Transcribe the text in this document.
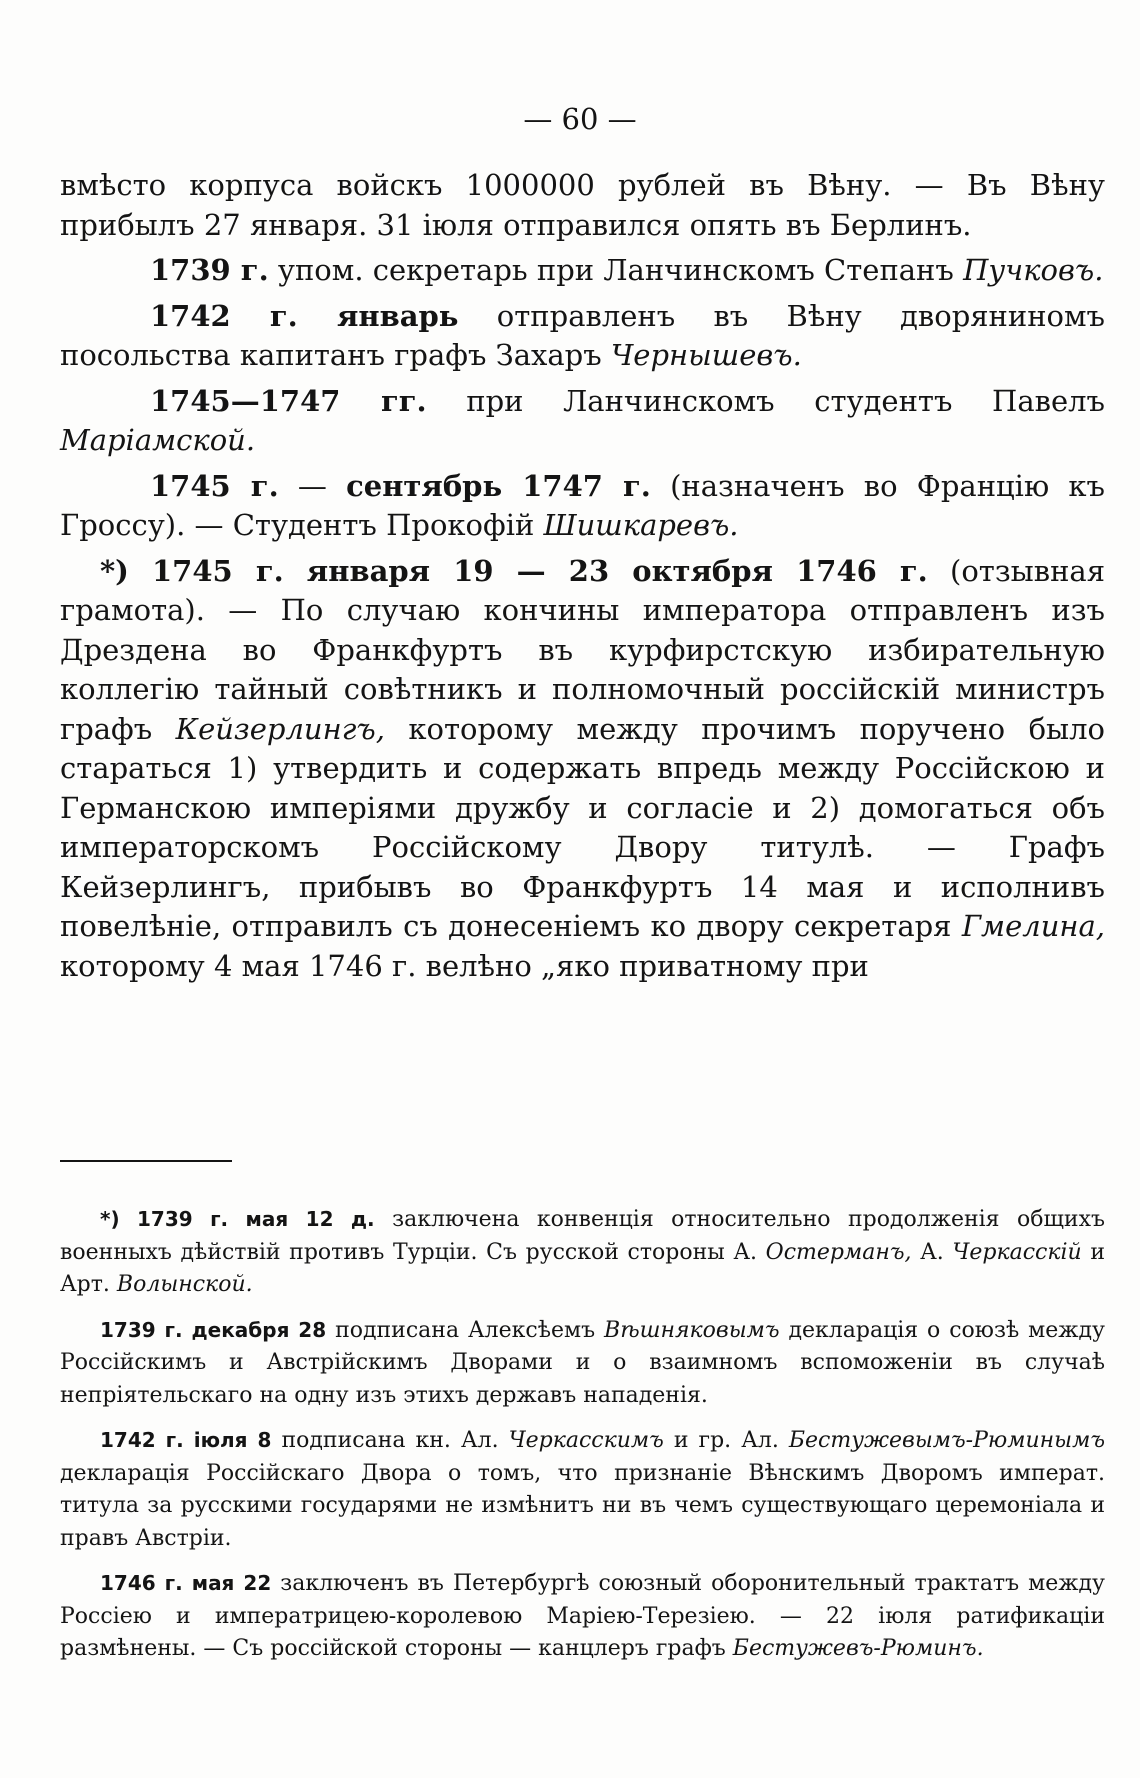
— 60 —

вмѣсто корпуса войскъ 1000000 рублей въ Вѣну. — Въ Вѣну прибылъ 27 января. 31 іюля отправился опять въ Берлинъ.

1739 г. упом. секретарь при Ланчинскомъ Степанъ Пучковъ.

1742 г. январь отправленъ въ Вѣну дворяниномъ посольства капитанъ графъ Захаръ Чернышевъ.

1745—1747 гг. при Ланчинскомъ студентъ Павелъ Маріамской.

1745 г. — сентябрь 1747 г. (назначенъ во Францію къ Гроссу). — Студентъ Прокофій Шишкаревъ.

*) 1745 г. января 19 — 23 октября 1746 г. (отзывная грамота). — По случаю кончины императора отправленъ изъ Дрездена во Франкфуртъ въ курфирстскую избирательную коллегію тайный совѣтникъ и полномочный россійскій министръ графъ Кейзерлингъ, которому между прочимъ поручено было стараться 1) утвердить и содержать впредь между Россійскою и Германскою имперіями дружбу и согласіе и 2) домогаться объ императорскомъ Россійскому Двору титулѣ. — Графъ Кейзерлингъ, прибывъ во Франкфуртъ 14 мая и исполнивъ повелѣніе, отправилъ съ донесеніемъ ко двору секретаря Гмелина, которому 4 мая 1746 г. велѣно „яко приватному при

*) 1739 г. мая 12 д. заключена конвенція относительно продолженія общихъ военныхъ дѣйствій противъ Турціи. Съ русской стороны А. Остерманъ, А. Черкасскій и Арт. Волынской.

1739 г. декабря 28 подписана Алексѣемъ Вѣшняковымъ декларація о союзѣ между Россійскимъ и Австрійскимъ Дворами и о взаимномъ вспоможеніи въ случаѣ непріятельскаго на одну изъ этихъ державъ нападенія.

1742 г. іюля 8 подписана кн. Ал. Черкасскимъ и гр. Ал. Бестужевымъ-Рюминымъ декларація Россійскаго Двора о томъ, что признаніе Вѣнскимъ Дворомъ императ. титула за русскими государями не измѣнитъ ни въ чемъ существующаго церемоніала и правъ Австріи.

1746 г. мая 22 заключенъ въ Петербургѣ союзный оборонительный трактатъ между Россіею и императрицею-королевою Маріею-Терезіею. — 22 іюля ратификаціи размѣнены. — Съ россійской стороны — канцлеръ графъ Бестужевъ-Рюминъ.
